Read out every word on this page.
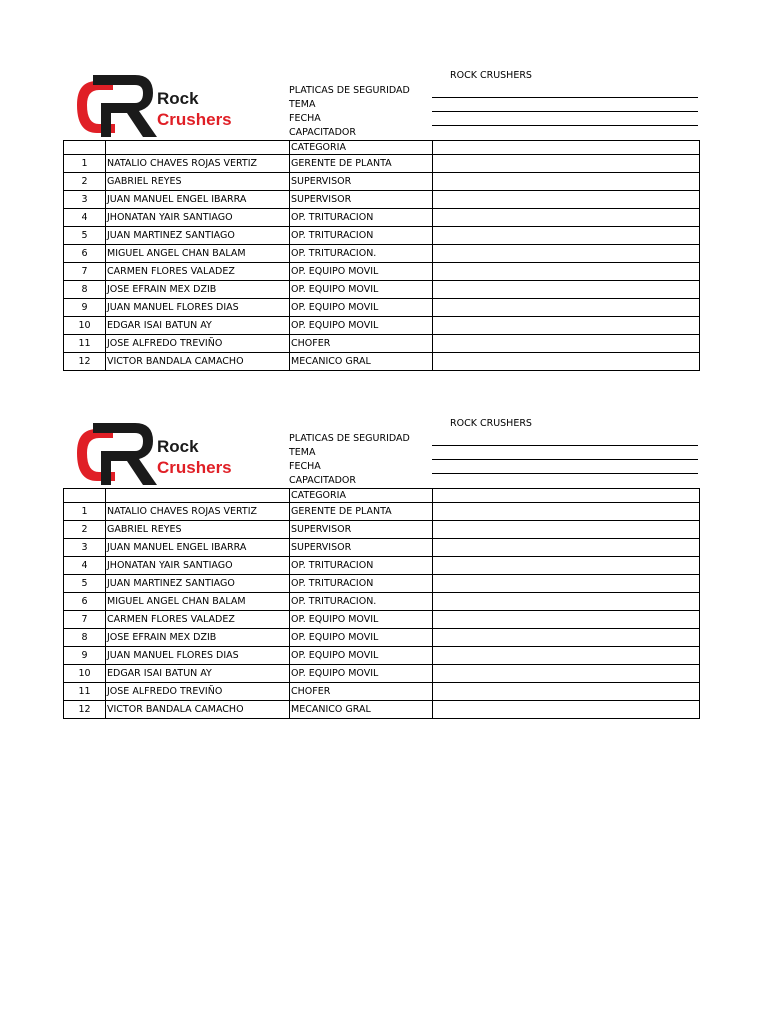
ROCK CRUSHERS
Rock
Crushers
PLATICAS DE SEGURIDAD
TEMA
FECHA
CAPACITADOR
		CATEGORIA	
1	NATALIO CHAVES ROJAS VERTIZ	GERENTE DE PLANTA	
2	GABRIEL REYES	SUPERVISOR	
3	JUAN MANUEL ENGEL IBARRA	SUPERVISOR	
4	JHONATAN YAIR SANTIAGO	OP. TRITURACION	
5	JUAN MARTINEZ SANTIAGO	OP. TRITURACION	
6	MIGUEL ANGEL CHAN BALAM	OP. TRITURACION.	
7	CARMEN FLORES VALADEZ	OP. EQUIPO MOVIL	
8	JOSE EFRAIN MEX DZIB	OP. EQUIPO MOVIL	
9	JUAN MANUEL FLORES DIAS	OP. EQUIPO MOVIL	
10	EDGAR ISAI BATUN AY	OP. EQUIPO MOVIL	
11	JOSE ALFREDO TREVIÑO	CHOFER	
12	VICTOR BANDALA CAMACHO	MECANICO GRAL	
ROCK CRUSHERS
Rock
Crushers
PLATICAS DE SEGURIDAD
TEMA
FECHA
CAPACITADOR
		CATEGORIA	
1	NATALIO CHAVES ROJAS VERTIZ	GERENTE DE PLANTA	
2	GABRIEL REYES	SUPERVISOR	
3	JUAN MANUEL ENGEL IBARRA	SUPERVISOR	
4	JHONATAN YAIR SANTIAGO	OP. TRITURACION	
5	JUAN MARTINEZ SANTIAGO	OP. TRITURACION	
6	MIGUEL ANGEL CHAN BALAM	OP. TRITURACION.	
7	CARMEN FLORES VALADEZ	OP. EQUIPO MOVIL	
8	JOSE EFRAIN MEX DZIB	OP. EQUIPO MOVIL	
9	JUAN MANUEL FLORES DIAS	OP. EQUIPO MOVIL	
10	EDGAR ISAI BATUN AY	OP. EQUIPO MOVIL	
11	JOSE ALFREDO TREVIÑO	CHOFER	
12	VICTOR BANDALA CAMACHO	MECANICO GRAL	
